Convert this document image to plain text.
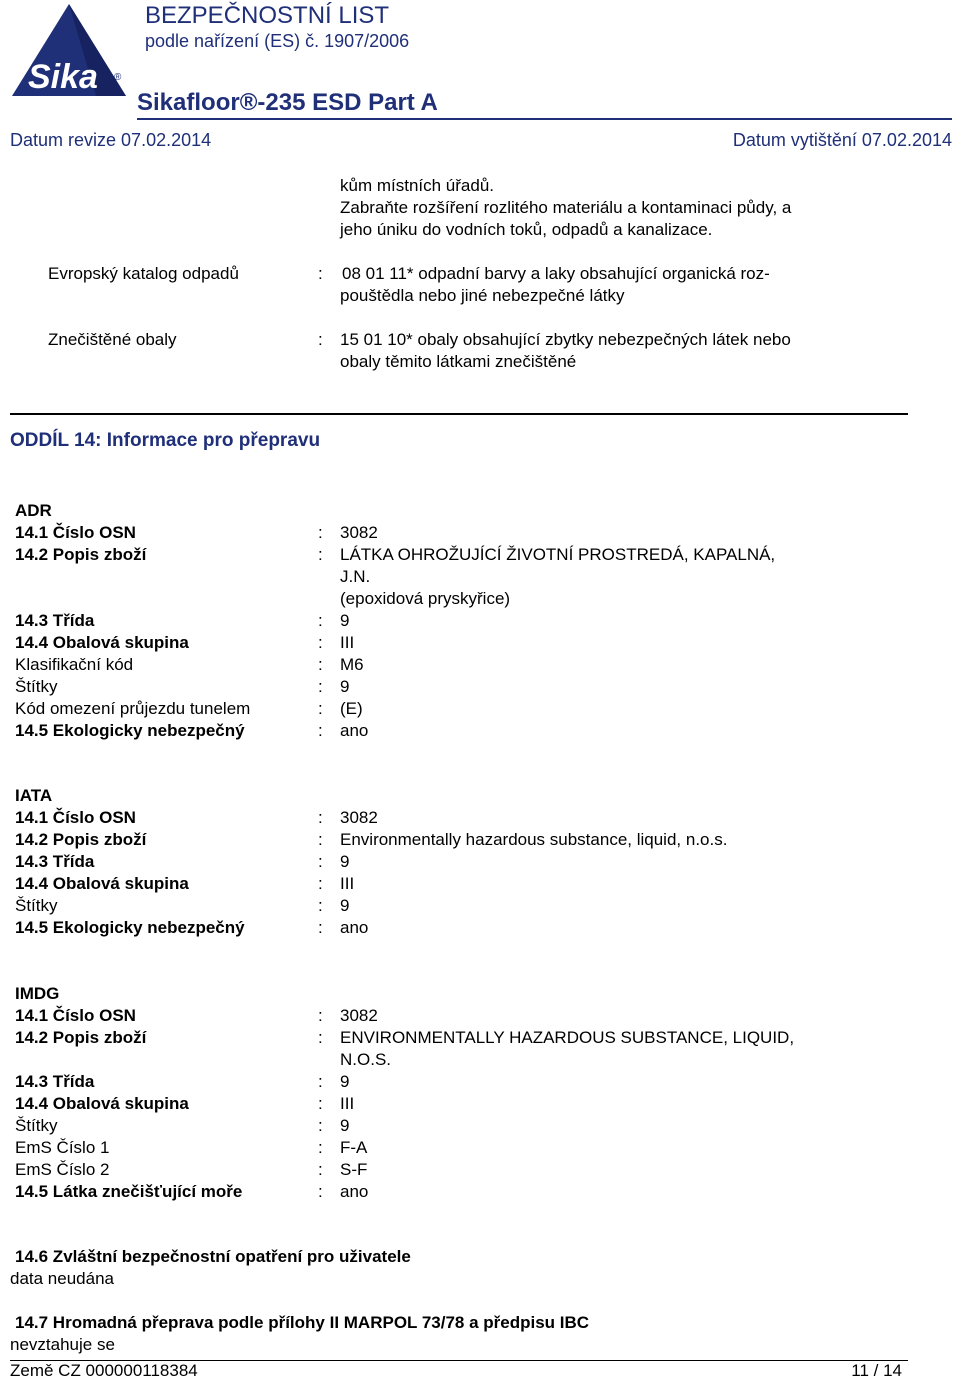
Sika ®
BEZPEČNOSTNÍ LIST
podle nařízení (ES) č. 1907/2006
Sikafloor®-235 ESD Part A
Datum revize 07.02.2014	Datum vytištění 07.02.2014
kům místních úřadů.
Zabraňte rozšíření rozlitého materiálu a kontaminaci půdy, a
jeho úniku do vodních toků, odpadů a kanalizace.
Evropský katalog odpadů	: 08 01 11* odpadní barvy a laky obsahující organická roz-
pouštědla nebo jiné nebezpečné látky
Znečištěné obaly	: 15 01 10* obaly obsahující zbytky nebezpečných látek nebo
obaly těmito látkami znečištěné
ODDÍL 14: Informace pro přepravu
ADR
14.1 Číslo OSN	: 3082
14.2 Popis zboží	: LÁTKA OHROŽUJÍCÍ ŽIVOTNÍ PROSTREDÁ, KAPALNÁ,
J.N.
(epoxidová pryskyřice)
14.3 Třída	: 9
14.4 Obalová skupina	: III
Klasifikační kód	: M6
Štítky	: 9
Kód omezení průjezdu tunelem	: (E)
14.5 Ekologicky nebezpečný	: ano
IATA
14.1 Číslo OSN	: 3082
14.2 Popis zboží	: Environmentally hazardous substance, liquid, n.o.s.
14.3 Třída	: 9
14.4 Obalová skupina	: III
Štítky	: 9
14.5 Ekologicky nebezpečný	: ano
IMDG
14.1 Číslo OSN	: 3082
14.2 Popis zboží	: ENVIRONMENTALLY HAZARDOUS SUBSTANCE, LIQUID,
N.O.S.
14.3 Třída	: 9
14.4 Obalová skupina	: III
Štítky	: 9
EmS Číslo 1	: F-A
EmS Číslo 2	: S-F
14.5 Látka znečišťující moře	: ano
14.6 Zvláštní bezpečnostní opatření pro uživatele
data neudána
14.7 Hromadná přeprava podle přílohy II MARPOL 73/78 a předpisu IBC
nevztahuje se
Země CZ 000000118384	11 / 14
